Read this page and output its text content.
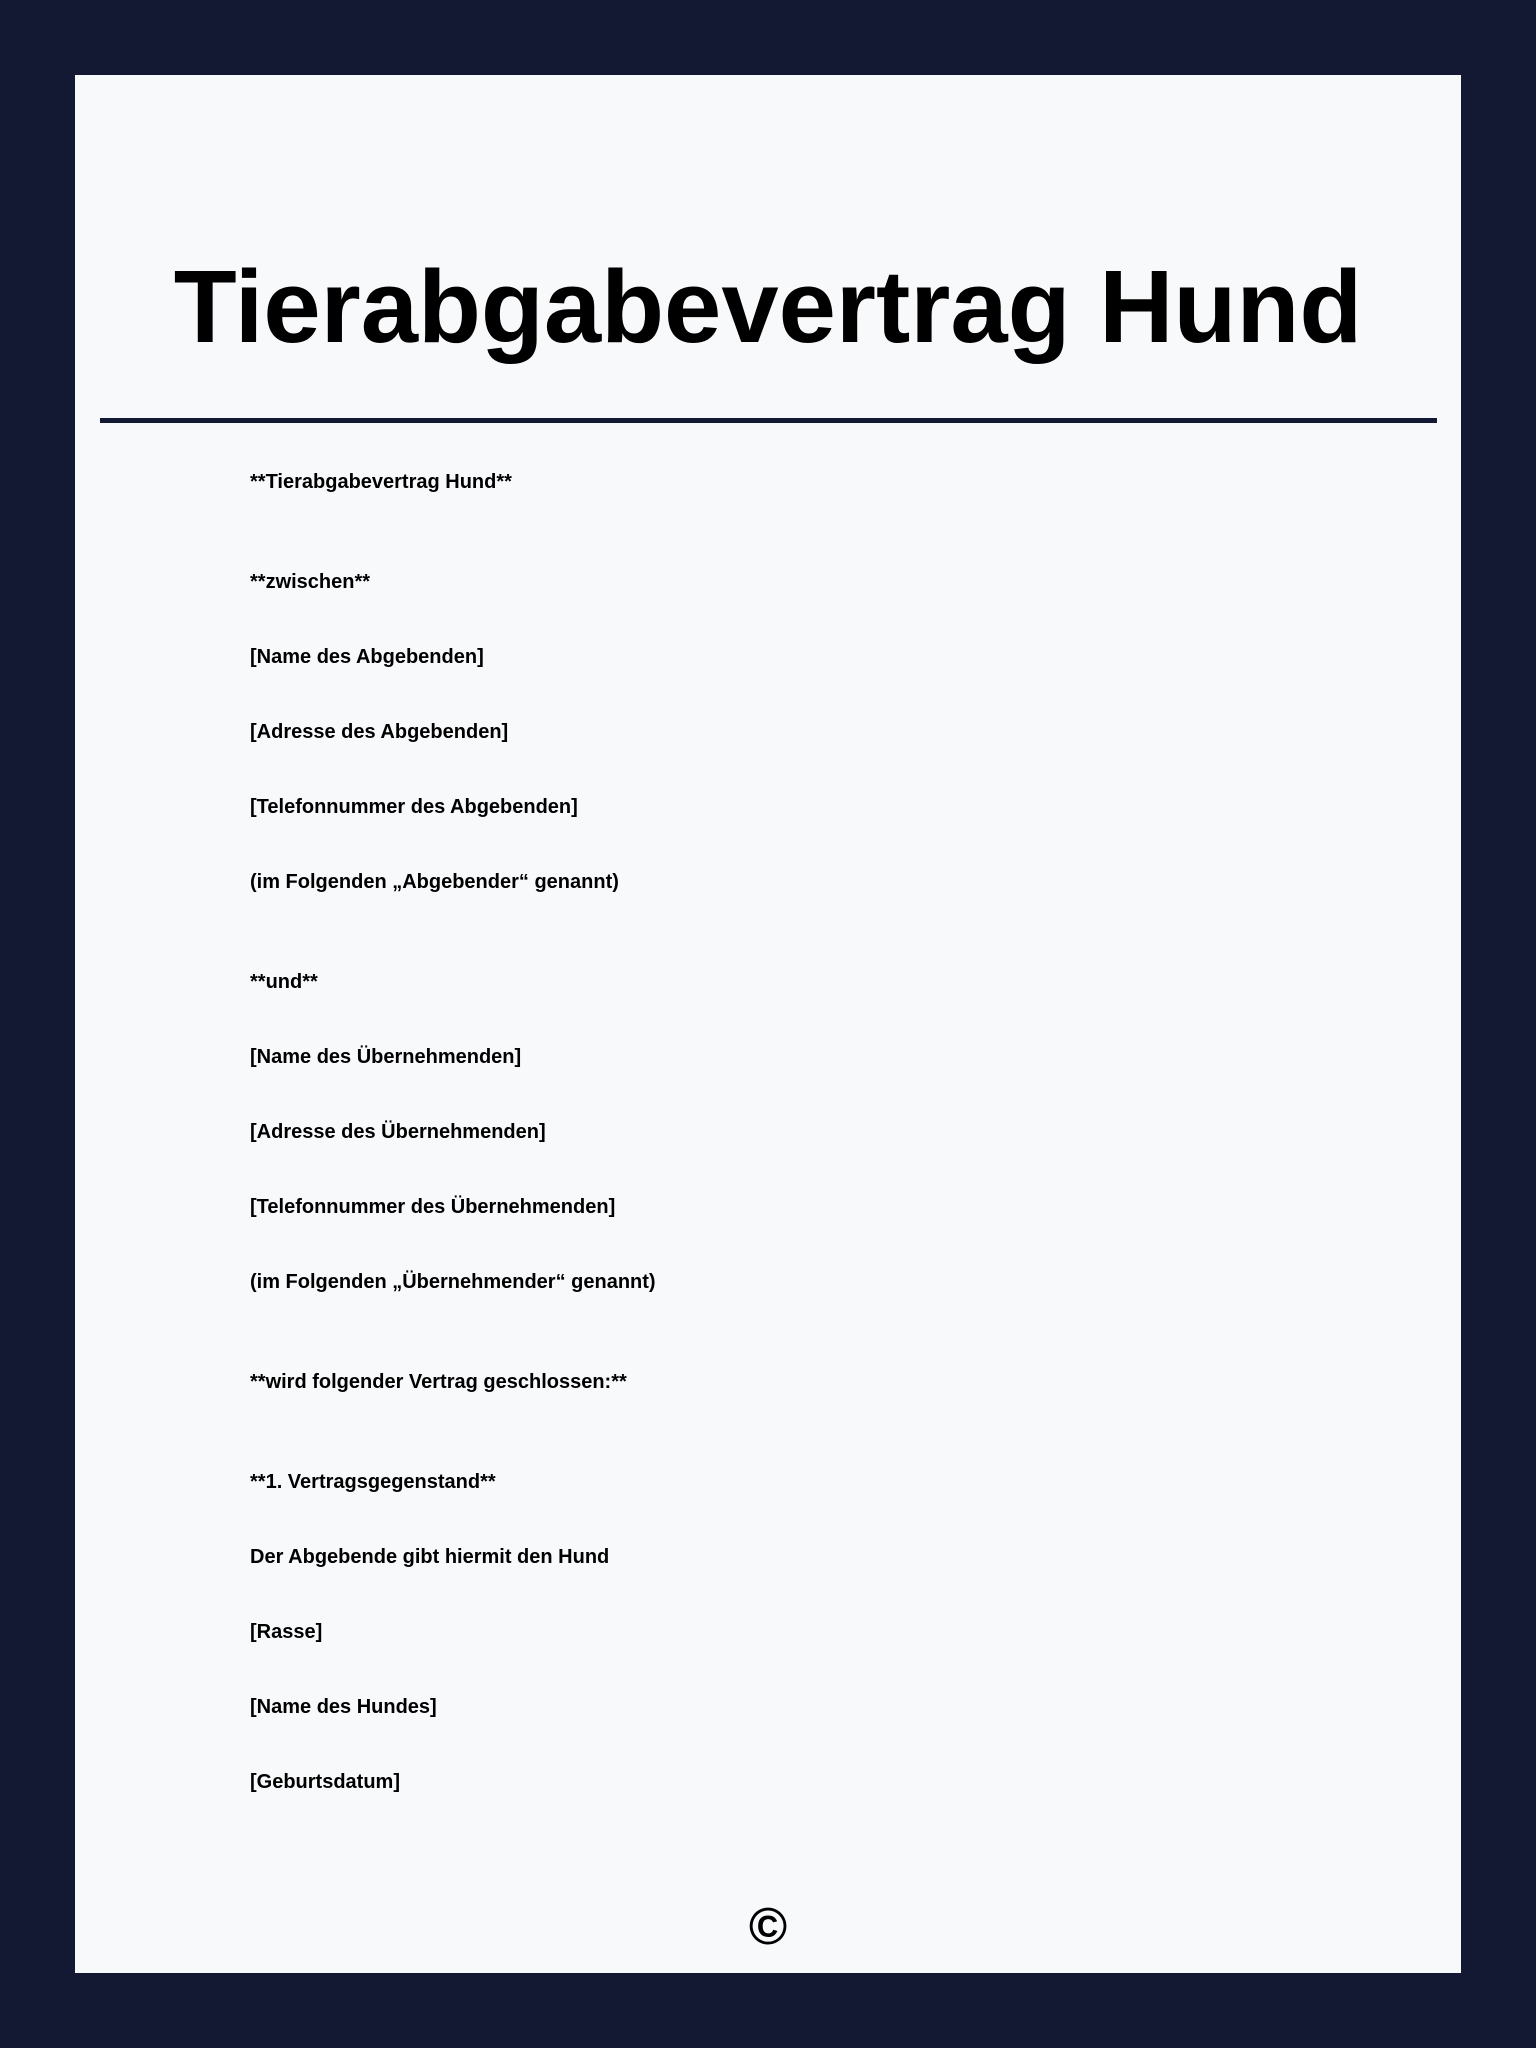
Tierabgabevertrag Hund

**Tierabgabevertrag Hund**

**zwischen**

[Name des Abgebenden]

[Adresse des Abgebenden]

[Telefonnummer des Abgebenden]

(im Folgenden „Abgebender“ genannt)

**und**

[Name des Übernehmenden]

[Adresse des Übernehmenden]

[Telefonnummer des Übernehmenden]

(im Folgenden „Übernehmender“ genannt)

**wird folgender Vertrag geschlossen:**

**1. Vertragsgegenstand**

Der Abgebende gibt hiermit den Hund

[Rasse]

[Name des Hundes]

[Geburtsdatum]

©
